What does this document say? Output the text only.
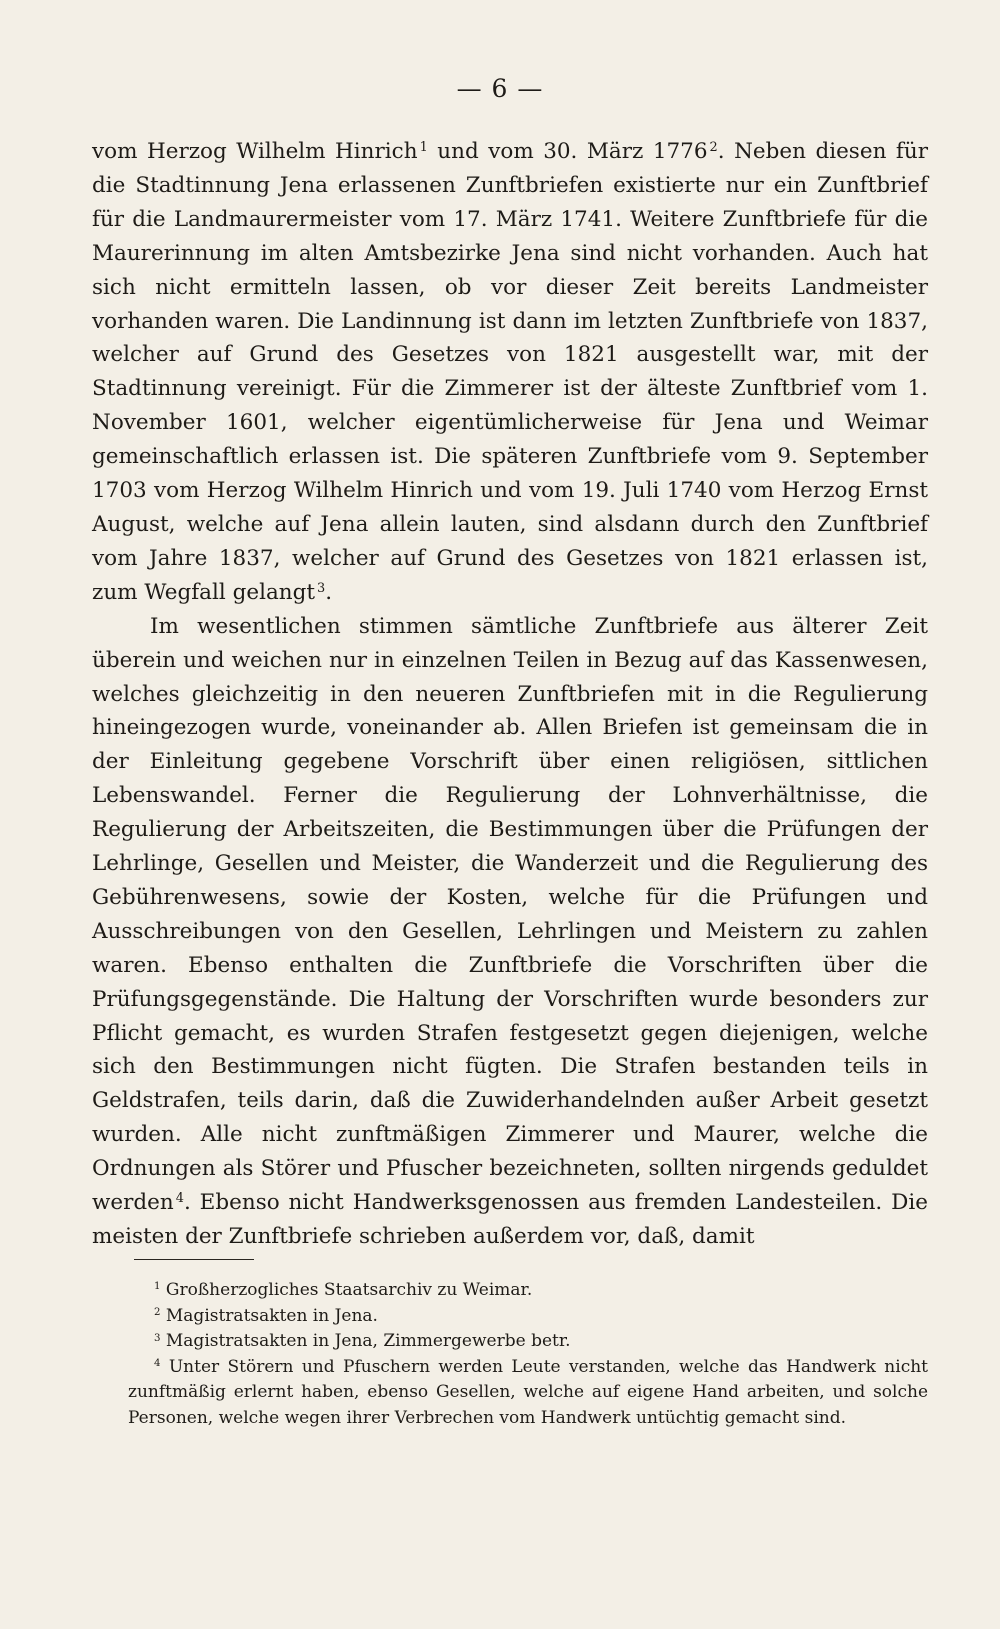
— 6 —

vom Herzog Wilhelm Hinrich $^1$ und vom 30. März 1776 $^2$. Neben diesen für die Stadtinnung Jena erlassenen Zunftbriefen existierte nur ein Zunftbrief für die Landmaurermeister vom 17. März 1741. Weitere Zunftbriefe für die Maurerinnung im alten Amtsbezirke Jena sind nicht vorhanden. Auch hat sich nicht ermitteln lassen, ob vor dieser Zeit bereits Landmeister vorhanden waren. Die Landinnung ist dann im letzten Zunftbriefe von 1837, welcher auf Grund des Gesetzes von 1821 ausgestellt war, mit der Stadtinnung vereinigt. Für die Zimmerer ist der älteste Zunftbrief vom 1. November 1601, welcher eigentümlicherweise für Jena und Weimar gemeinschaftlich erlassen ist. Die späteren Zunftbriefe vom 9. September 1703 vom Herzog Wilhelm Hinrich und vom 19. Juli 1740 vom Herzog Ernst August, welche auf Jena allein lauten, sind alsdann durch den Zunftbrief vom Jahre 1837, welcher auf Grund des Gesetzes von 1821 erlassen ist, zum Wegfall gelangt $^3$.

Im wesentlichen stimmen sämtliche Zunftbriefe aus älterer Zeit überein und weichen nur in einzelnen Teilen in Bezug auf das Kassenwesen, welches gleichzeitig in den neueren Zunftbriefen mit in die Regulierung hineingezogen wurde, voneinander ab. Allen Briefen ist gemeinsam die in der Einleitung gegebene Vorschrift über einen religiösen, sittlichen Lebenswandel. Ferner die Regulierung der Lohnverhältnisse, die Regulierung der Arbeitszeiten, die Bestimmungen über die Prüfungen der Lehrlinge, Gesellen und Meister, die Wanderzeit und die Regulierung des Gebührenwesens, sowie der Kosten, welche für die Prüfungen und Ausschreibungen von den Gesellen, Lehrlingen und Meistern zu zahlen waren. Ebenso enthalten die Zunftbriefe die Vorschriften über die Prüfungsgegenstände. Die Haltung der Vorschriften wurde besonders zur Pflicht gemacht, es wurden Strafen festgesetzt gegen diejenigen, welche sich den Bestimmungen nicht fügten. Die Strafen bestanden teils in Geldstrafen, teils darin, daß die Zuwiderhandelnden außer Arbeit gesetzt wurden. Alle nicht zunftmäßigen Zimmerer und Maurer, welche die Ordnungen als Störer und Pfuscher bezeichneten, sollten nirgends geduldet werden $^4$. Ebenso nicht Handwerksgenossen aus fremden Landesteilen. Die meisten der Zunftbriefe schrieben außerdem vor, daß, damit

$^1$ Großherzogliches Staatsarchiv zu Weimar.

$^2$ Magistratsakten in Jena.

$^3$ Magistratsakten in Jena, Zimmergewerbe betr.

$^4$ Unter Störern und Pfuschern werden Leute verstanden, welche das Handwerk nicht zunftmäßig erlernt haben, ebenso Gesellen, welche auf eigene Hand arbeiten, und solche Personen, welche wegen ihrer Verbrechen vom Handwerk untüchtig gemacht sind.
